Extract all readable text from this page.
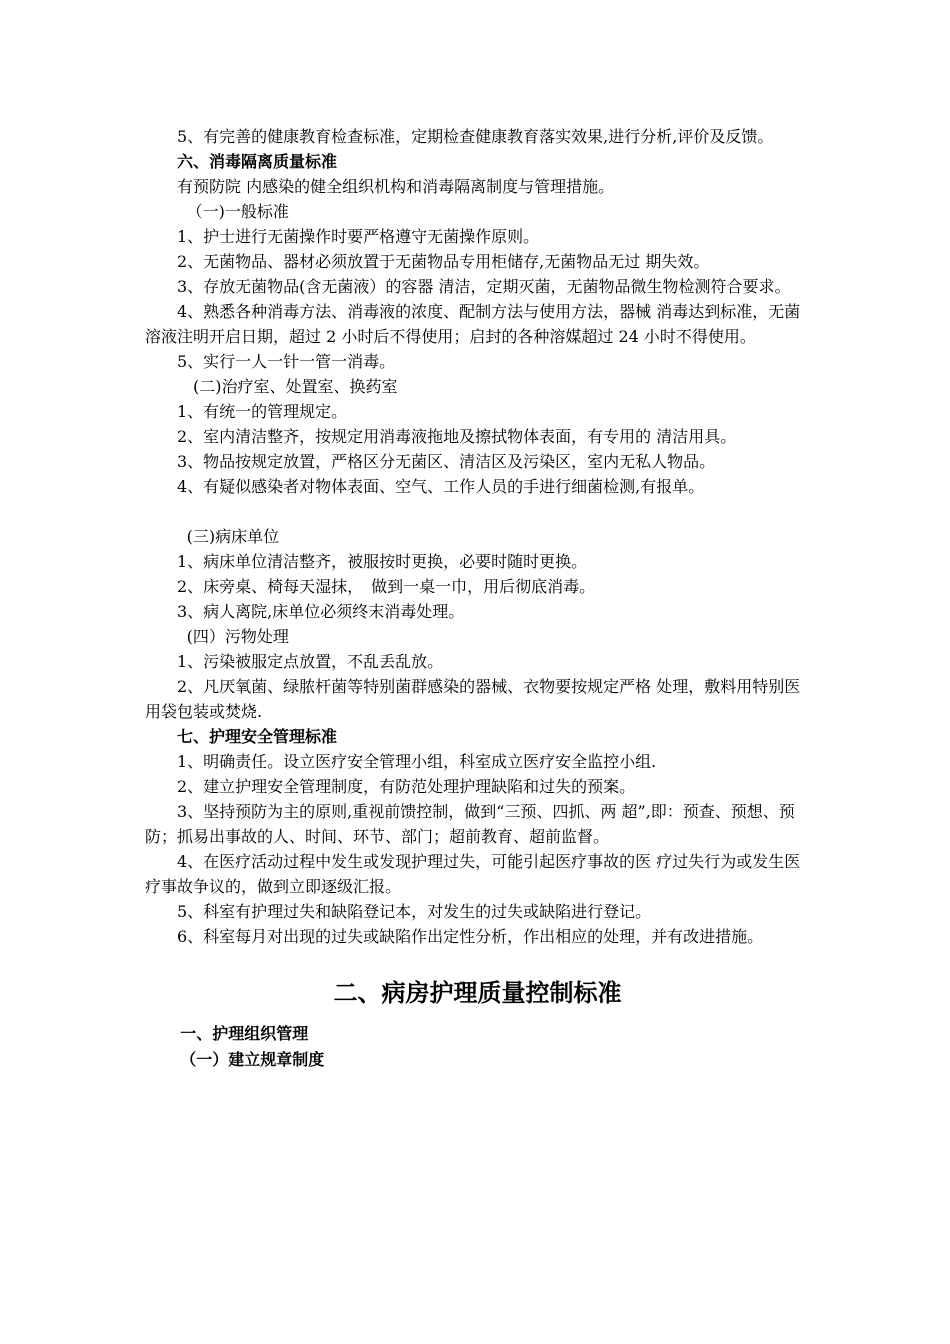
5、有完善的健康教育检查标准，定期检查健康教育落实效果,进行分析,评价及反馈。

六、消毒隔离质量标准

有预防院 内感染的健全组织机构和消毒隔离制度与管理措施。

（一)一般标准

1、护士进行无菌操作时要严格遵守无菌操作原则。

2、无菌物品、器材必须放置于无菌物品专用柜储存,无菌物品无过 期失效。

3、存放无菌物品(含无菌液）的容器 清洁，定期灭菌，无菌物品微生物检测符合要求。

4、熟悉各种消毒方法、消毒液的浓度、配制方法与使用方法，器械 消毒达到标准，无菌溶液注明开启日期，超过 2 小时后不得使用；启封的各种溶媒超过 24 小时不得使用。

5、实行一人一针一管一消毒。

(二)治疗室、处置室、换药室

1、有统一的管理规定。

2、室内清洁整齐，按规定用消毒液拖地及擦拭物体表面，有专用的 清洁用具。

3、物品按规定放置，严格区分无菌区、清洁区及污染区，室内无私人物品。

4、有疑似感染者对物体表面、空气、工作人员的手进行细菌检测,有报单。

(三)病床单位

1、病床单位清洁整齐，被服按时更换，必要时随时更换。

2、床旁桌、椅每天湿抹，　做到一桌一巾，用后彻底消毒。

3、病人离院,床单位必须终末消毒处理。

(四）污物处理

1、污染被服定点放置，不乱丢乱放。

2、凡厌氧菌、绿脓杆菌等特别菌群感染的器械、衣物要按规定严格 处理，敷料用特别医用袋包装或焚烧.

七、护理安全管理标准

1、明确责任。设立医疗安全管理小组，科室成立医疗安全监控小组.

2、建立护理安全管理制度，有防范处理护理缺陷和过失的预案。

3、坚持预防为主的原则,重视前馈控制，做到“三预、四抓、两 超”,即：预查、预想、预防；抓易出事故的人、时间、环节、部门；超前教育、超前监督。

4、在医疗活动过程中发生或发现护理过失，可能引起医疗事故的医 疗过失行为或发生医疗事故争议的，做到立即逐级汇报。

5、科室有护理过失和缺陷登记本，对发生的过失或缺陷进行登记。

6、科室每月对出现的过失或缺陷作出定性分析，作出相应的处理，并有改进措施。

二、病房护理质量控制标准

一、护理组织管理

（一）建立规章制度
